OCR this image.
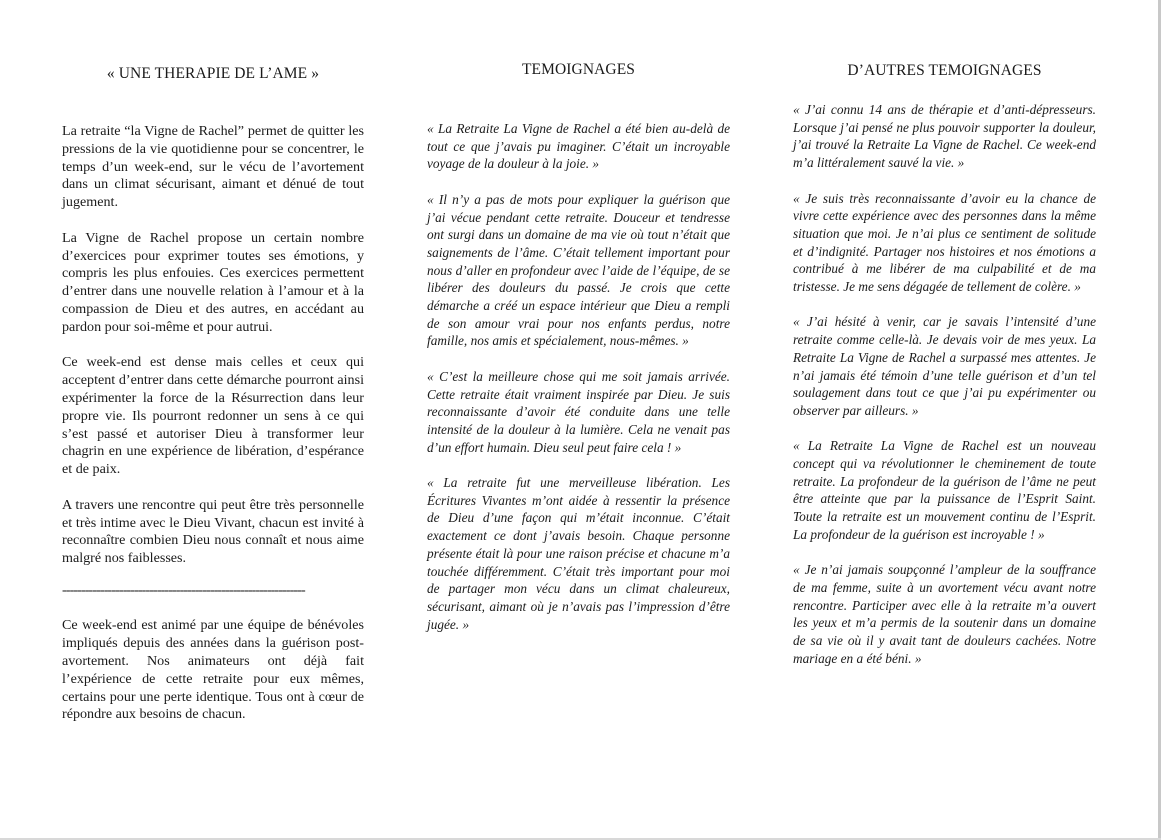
« UNE THERAPIE DE L’AME »

La retraite “la Vigne de Rachel” permet de quitter les pressions de la vie quotidienne pour se concentrer, le temps d’un week-end, sur le vécu de l’avortement dans un climat sécurisant, aimant et dénué de tout jugement.

La Vigne de Rachel propose un certain nombre d’exercices pour exprimer toutes ses émotions, y compris les plus enfouies. Ces exercices permettent d’entrer dans une nouvelle relation à l’amour et à la compassion de Dieu et des autres, en accédant au pardon pour soi-même et pour autrui.

Ce week-end est dense mais celles et ceux qui acceptent d’entrer dans cette démarche pourront ainsi expérimenter la force de la Résurrection dans leur propre vie. Ils pourront redonner un sens à ce qui s’est passé et autoriser Dieu à transformer leur chagrin en une expérience de libération, d’espérance et de paix.

A travers une rencontre qui peut être très personnelle et très intime avec le Dieu Vivant, chacun est invité à reconnaître combien Dieu nous connaît et nous aime malgré nos faiblesses.

----------------------------------------------------------------

Ce week-end est animé par une équipe de bénévoles impliqués depuis des années dans la guérison post-avortement. Nos animateurs ont déjà fait l’expérience de cette retraite pour eux mêmes, certains pour une perte identique. Tous ont à cœur de répondre aux besoins de chacun.

TEMOIGNAGES

« La Retraite La Vigne de Rachel a été bien au-delà de tout ce que j’avais pu imaginer. C’était un incroyable voyage de la douleur à la joie. »

« Il n’y a pas de mots pour expliquer la guérison que j’ai vécue pendant cette retraite. Douceur et tendresse ont surgi dans un domaine de ma vie où tout n’était que saignements de l’âme. C’était tellement important pour nous d’aller en profondeur avec l’aide de l’équipe, de se libérer des douleurs du passé. Je crois que cette démarche a créé un espace intérieur que Dieu a rempli de son amour vrai pour nos enfants perdus, notre famille, nos amis et spécialement, nous-mêmes. »

« C’est la meilleure chose qui me soit jamais arrivée. Cette retraite était vraiment inspirée par Dieu. Je suis reconnaissante d’avoir été conduite dans une telle intensité de la douleur à la lumière. Cela ne venait pas d’un effort humain. Dieu seul peut faire cela ! »

« La retraite fut une merveilleuse libération. Les Écritures Vivantes m’ont aidée à ressentir la présence de Dieu d’une façon qui m’était inconnue. C’était exactement ce dont j’avais besoin. Chaque personne présente était là pour une raison précise et chacune m’a touchée différemment. C’était très important pour moi de partager mon vécu dans un climat chaleureux, sécurisant, aimant où je n’avais pas l’impression d’être jugée. »

D’AUTRES TEMOIGNAGES

« J’ai connu 14 ans de thérapie et d’anti-dépresseurs. Lorsque j’ai pensé ne plus pouvoir supporter la douleur, j’ai trouvé la Retraite La Vigne de Rachel. Ce week-end m’a littéralement sauvé la vie. »

« Je suis très reconnaissante d’avoir eu la chance de vivre cette expérience avec des personnes dans la même situation que moi. Je n’ai plus ce sentiment de solitude et d’indignité. Partager nos histoires et nos émotions a contribué à me libérer de ma culpabilité et de ma tristesse. Je me sens dégagée de tellement de colère. »

« J’ai hésité à venir, car je savais l’intensité d’une retraite comme celle-là. Je devais voir de mes yeux. La Retraite La Vigne de Rachel a surpassé mes attentes. Je n’ai jamais été témoin d’une telle guérison et d’un tel soulagement dans tout ce que j’ai pu expérimenter ou observer par ailleurs. »

« La Retraite La Vigne de Rachel est un nouveau concept qui va révolutionner le cheminement de toute retraite. La profondeur de la guérison de l’âme ne peut être atteinte que par la puissance de l’Esprit Saint. Toute la retraite est un mouvement continu de l’Esprit. La profondeur de la guérison est incroyable ! »

« Je n’ai jamais soupçonné l’ampleur de la souffrance de ma femme, suite à un avortement vécu avant notre rencontre. Participer avec elle à la retraite m’a ouvert les yeux et m’a permis de la soutenir dans un domaine de sa vie où il y avait tant de douleurs cachées. Notre mariage en a été béni. »
